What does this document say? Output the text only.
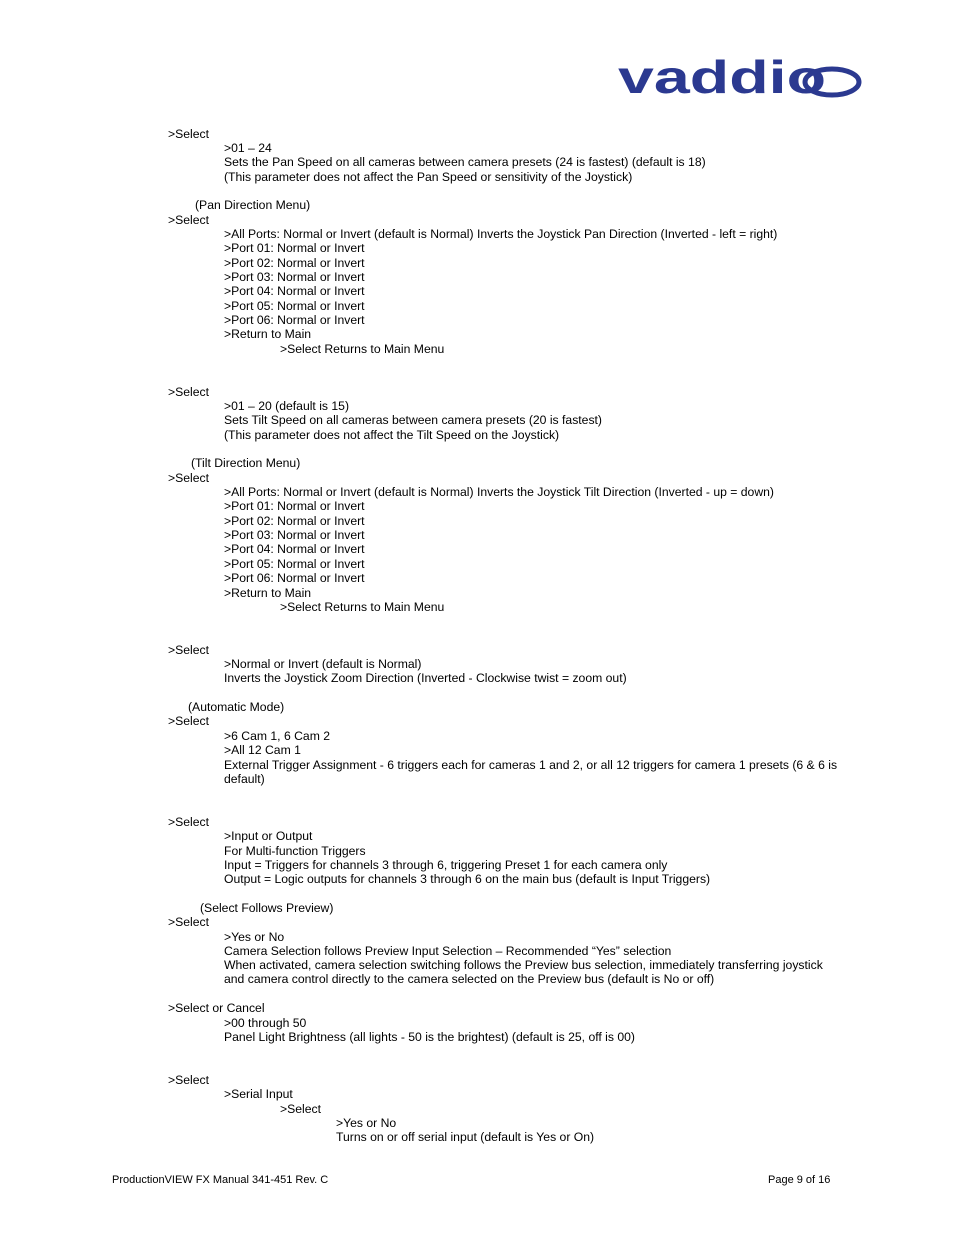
vaddio
>Select
>01 – 24
Sets the Pan Speed on all cameras between camera presets (24 is fastest) (default is 18)
(This parameter does not affect the Pan Speed or sensitivity of the Joystick)
(Pan Direction Menu)
>Select
>All Ports: Normal or Invert (default is Normal) Inverts the Joystick Pan Direction (Inverted - left = right)
>Port 01: Normal or Invert
>Port 02: Normal or Invert
>Port 03: Normal or Invert
>Port 04: Normal or Invert
>Port 05: Normal or Invert
>Port 06: Normal or Invert
>Return to Main
>Select Returns to Main Menu
>Select
>01 – 20 (default is 15)
Sets Tilt Speed on all cameras between camera presets (20 is fastest)
(This parameter does not affect the Tilt Speed on the Joystick)
(Tilt Direction Menu)
>Select
>All Ports: Normal or Invert (default is Normal) Inverts the Joystick Tilt Direction (Inverted - up = down)
>Port 01: Normal or Invert
>Port 02: Normal or Invert
>Port 03: Normal or Invert
>Port 04: Normal or Invert
>Port 05: Normal or Invert
>Port 06: Normal or Invert
>Return to Main
>Select Returns to Main Menu
>Select
>Normal or Invert (default is Normal)
Inverts the Joystick Zoom Direction (Inverted - Clockwise twist = zoom out)
(Automatic Mode)
>Select
>6 Cam 1, 6 Cam 2
>All 12 Cam 1
External Trigger Assignment - 6 triggers each for cameras 1 and 2, or all 12 triggers for camera 1 presets (6 & 6 is default)
>Select
>Input or Output
For Multi-function Triggers
Input = Triggers for channels 3 through 6, triggering Preset 1 for each camera only
Output = Logic outputs for channels 3 through 6 on the main bus (default is Input Triggers)
(Select Follows Preview)
>Select
>Yes or No
Camera Selection follows Preview Input Selection – Recommended “Yes” selection
When activated, camera selection switching follows the Preview bus selection, immediately transferring joystick and camera control directly to the camera selected on the Preview bus (default is No or off)
>Select or Cancel
>00 through 50
Panel Light Brightness (all lights - 50 is the brightest) (default is 25, off is 00)
>Select
>Serial Input
>Select
>Yes or No
Turns on or off serial input (default is Yes or On)
ProductionVIEW FX Manual 341-451 Rev. C	Page 9 of 16
